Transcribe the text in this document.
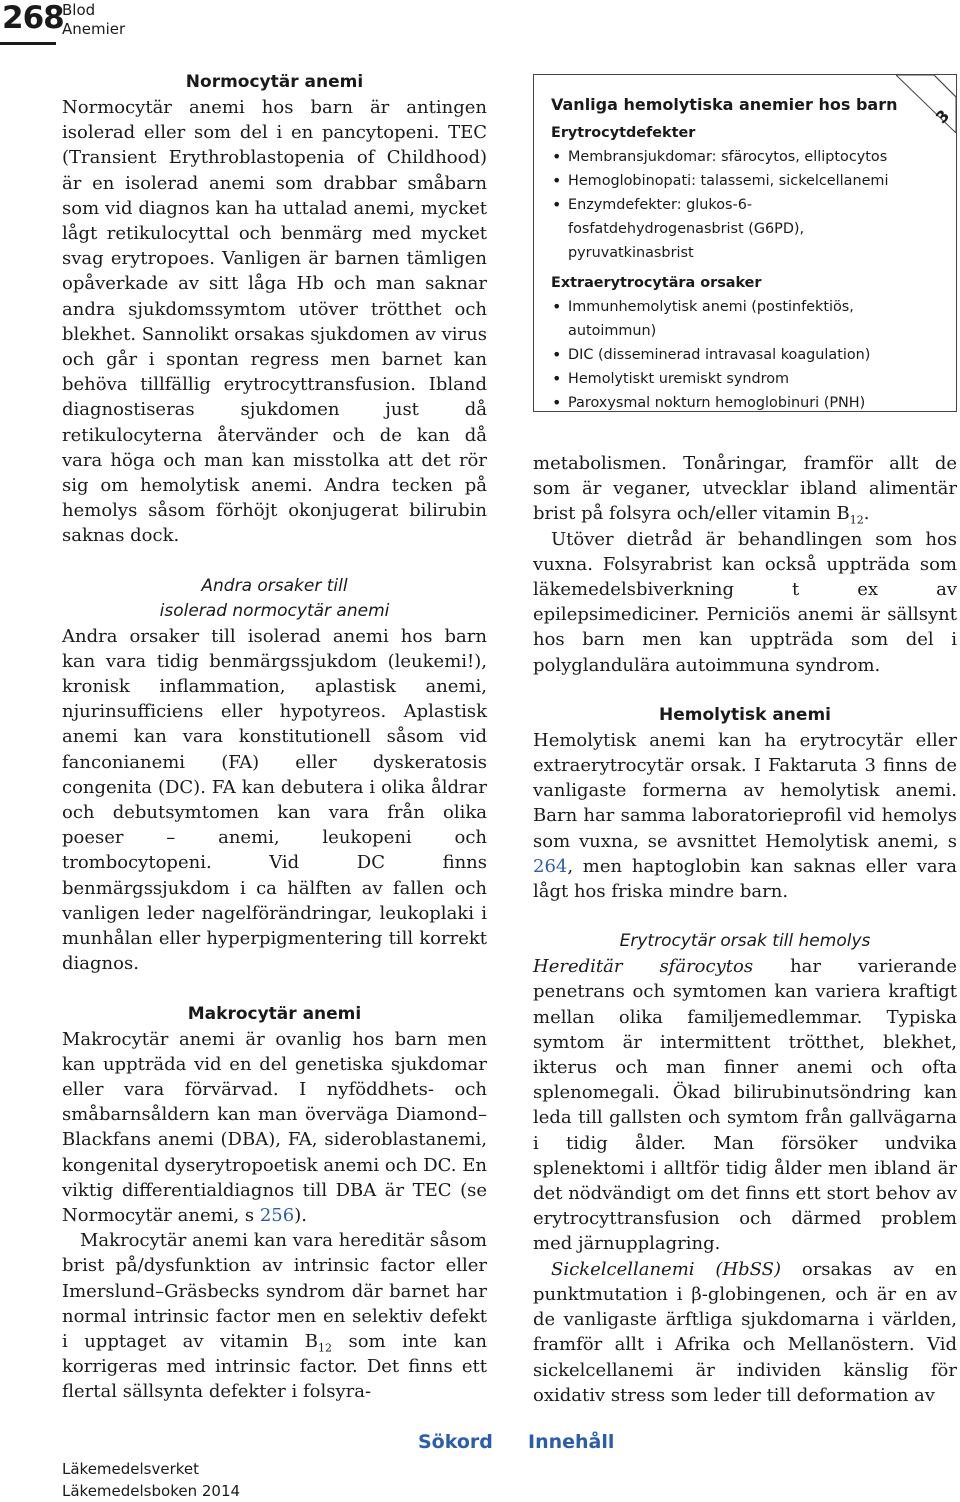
268
Blod
Anemier
Normocytär anemi

Normocytär anemi hos barn är antingen isolerad eller som del i en pancytopeni. TEC (Transient Erythroblastopenia of Childhood) är en isolerad anemi som drabbar småbarn som vid diagnos kan ha uttalad anemi, mycket lågt retikulocyttal och benmärg med mycket svag erytropoes. Vanligen är barnen tämligen opåverkade av sitt låga Hb och man saknar andra sjukdomssymtom utöver trötthet och blekhet. Sannolikt orsakas sjukdomen av virus och går i spontan regress men barnet kan behöva tillfällig erytrocyttransfusion. Ibland diagnostiseras sjukdomen just då retikulocyterna återvänder och de kan då vara höga och man kan misstolka att det rör sig om hemolytisk anemi. Andra tecken på hemolys såsom förhöjt okonjugerat bilirubin saknas dock.

Andra orsaker till
isolerad normocytär anemi

Andra orsaker till isolerad anemi hos barn kan vara tidig benmärgssjukdom (leukemi!), kronisk inflammation, aplastisk anemi, njurinsufficiens eller hypotyreos. Aplastisk anemi kan vara konstitutionell såsom vid fanconianemi (FA) eller dyskeratosis congenita (DC). FA kan debutera i olika åldrar och debutsymtomen kan vara från olika poeser – anemi, leukopeni och trombocytopeni. Vid DC finns benmärgssjukdom i ca hälften av fallen och vanligen leder nagelförändringar, leukoplaki i munhålan eller hyperpigmentering till korrekt diagnos.

Makrocytär anemi

Makrocytär anemi är ovanlig hos barn men kan uppträda vid en del genetiska sjukdomar eller vara förvärvad. I nyföddhets- och småbarnsåldern kan man överväga Diamond–Blackfans anemi (DBA), FA, sideroblastanemi, kongenital dyserytropoetisk anemi och DC. En viktig differentialdiagnos till DBA är TEC (se Normocytär anemi, s 256).

Makrocytär anemi kan vara hereditär såsom brist på/dysfunktion av intrinsic factor eller Imerslund–Gräsbecks syndrom där barnet har normal intrinsic factor men en selektiv defekt i upptaget av vitamin $B_{12}$ som inte kan korrigeras med intrinsic factor. Det finns ett flertal sällsynta defekter i folsyra-

3
Vanliga hemolytiska anemier hos barn
Erytrocytdefekter
• Membransjukdomar: sfärocytos, elliptocytos
• Hemoglobinopati: talassemi, sickelcellanemi
• Enzymdefekter: glukos-6-fosfatdehydrogenasbrist (G6PD), pyruvatkinasbrist
Extraerytrocytära orsaker
• Immunhemolytisk anemi (postinfektiös, autoimmun)
• DIC (disseminerad intravasal koagulation)
• Hemolytiskt uremiskt syndrom
• Paroxysmal nokturn hemoglobinuri (PNH)

metabolismen. Tonåringar, framför allt de som är veganer, utvecklar ibland alimentär brist på folsyra och/eller vitamin $B_{12}$.

Utöver dietråd är behandlingen som hos vuxna. Folsyrabrist kan också uppträda som läkemedelsbiverkning t ex av epilepsimediciner. Perniciös anemi är sällsynt hos barn men kan uppträda som del i polyglandulära autoimmuna syndrom.

Hemolytisk anemi

Hemolytisk anemi kan ha erytrocytär eller extraerytrocytär orsak. I Faktaruta 3 finns de vanligaste formerna av hemolytisk anemi. Barn har samma laboratorieprofil vid hemolys som vuxna, se avsnittet Hemolytisk anemi, s 264, men haptoglobin kan saknas eller vara lågt hos friska mindre barn.

Erytrocytär orsak till hemolys

Hereditär sfärocytos har varierande penetrans och symtomen kan variera kraftigt mellan olika familjemedlemmar. Typiska symtom är intermittent trötthet, blekhet, ikterus och man finner anemi och ofta splenomegali. Ökad bilirubinutsöndring kan leda till gallsten och symtom från gallvägarna i tidig ålder. Man försöker undvika splenektomi i alltför tidig ålder men ibland är det nödvändigt om det finns ett stort behov av erytrocyttransfusion och därmed problem med järnupplagring.

Sickelcellanemi (HbSS) orsakas av en punktmutation i β-globingenen, och är en av de vanligaste ärftliga sjukdomarna i världen, framför allt i Afrika och Mellanöstern. Vid sickelcellanemi är individen känslig för oxidativ stress som leder till deformation av

Sökord Innehåll
Läkemedelsverket
Läkemedelsboken 2014
